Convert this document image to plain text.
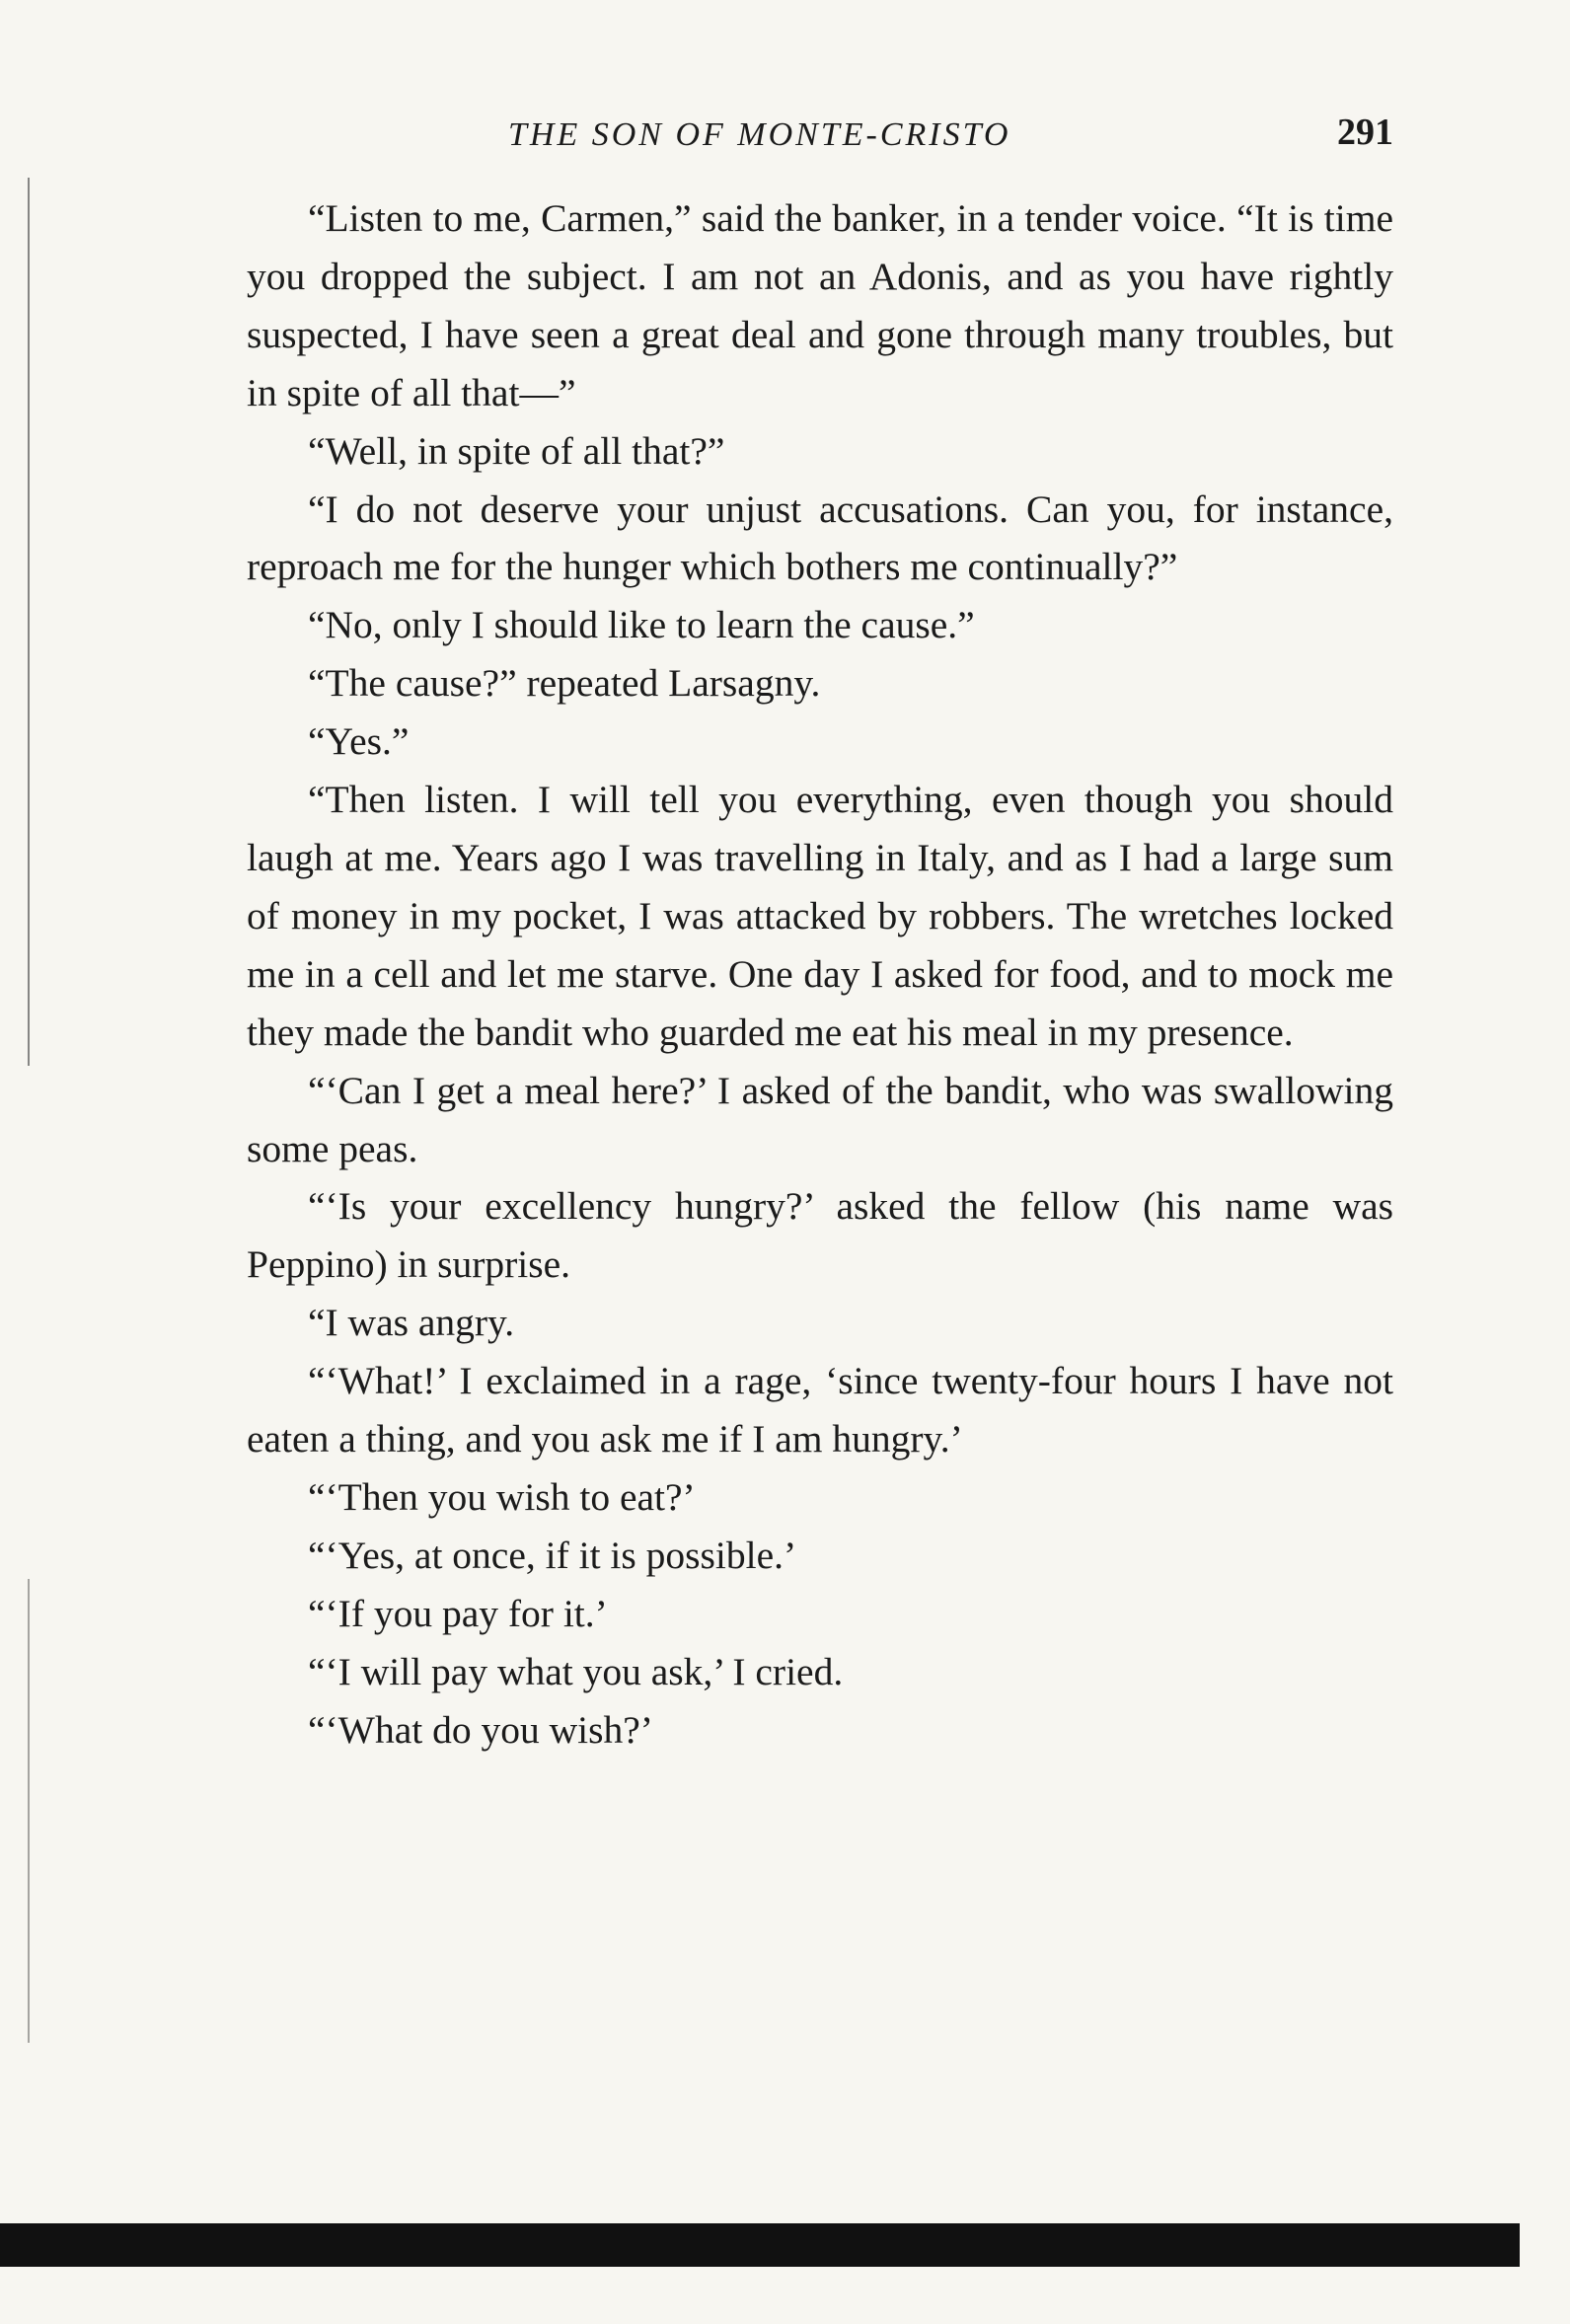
THE SON OF MONTE-CRISTO	291

“Listen to me, Carmen,” said the banker, in a tender voice. “It is time you dropped the subject. I am not an Adonis, and as you have rightly suspected, I have seen a great deal and gone through many troubles, but in spite of all that—”

“Well, in spite of all that?”

“I do not deserve your unjust accusations. Can you, for instance, reproach me for the hunger which bothers me continually?”

“No, only I should like to learn the cause.”

“The cause?” repeated Larsagny.

“Yes.”

“Then listen. I will tell you everything, even though you should laugh at me. Years ago I was travelling in Italy, and as I had a large sum of money in my pocket, I was attacked by robbers. The wretches locked me in a cell and let me starve. One day I asked for food, and to mock me they made the bandit who guarded me eat his meal in my presence.

“‘Can I get a meal here?’ I asked of the bandit, who was swallowing some peas.

“‘Is your excellency hungry?’ asked the fellow (his name was Peppino) in surprise.

“I was angry.

“‘What!’ I exclaimed in a rage, ‘since twenty-four hours I have not eaten a thing, and you ask me if I am hungry.’

“‘Then you wish to eat?’

“‘Yes, at once, if it is possible.’

“‘If you pay for it.’

“‘I will pay what you ask,’ I cried.

“‘What do you wish?’
